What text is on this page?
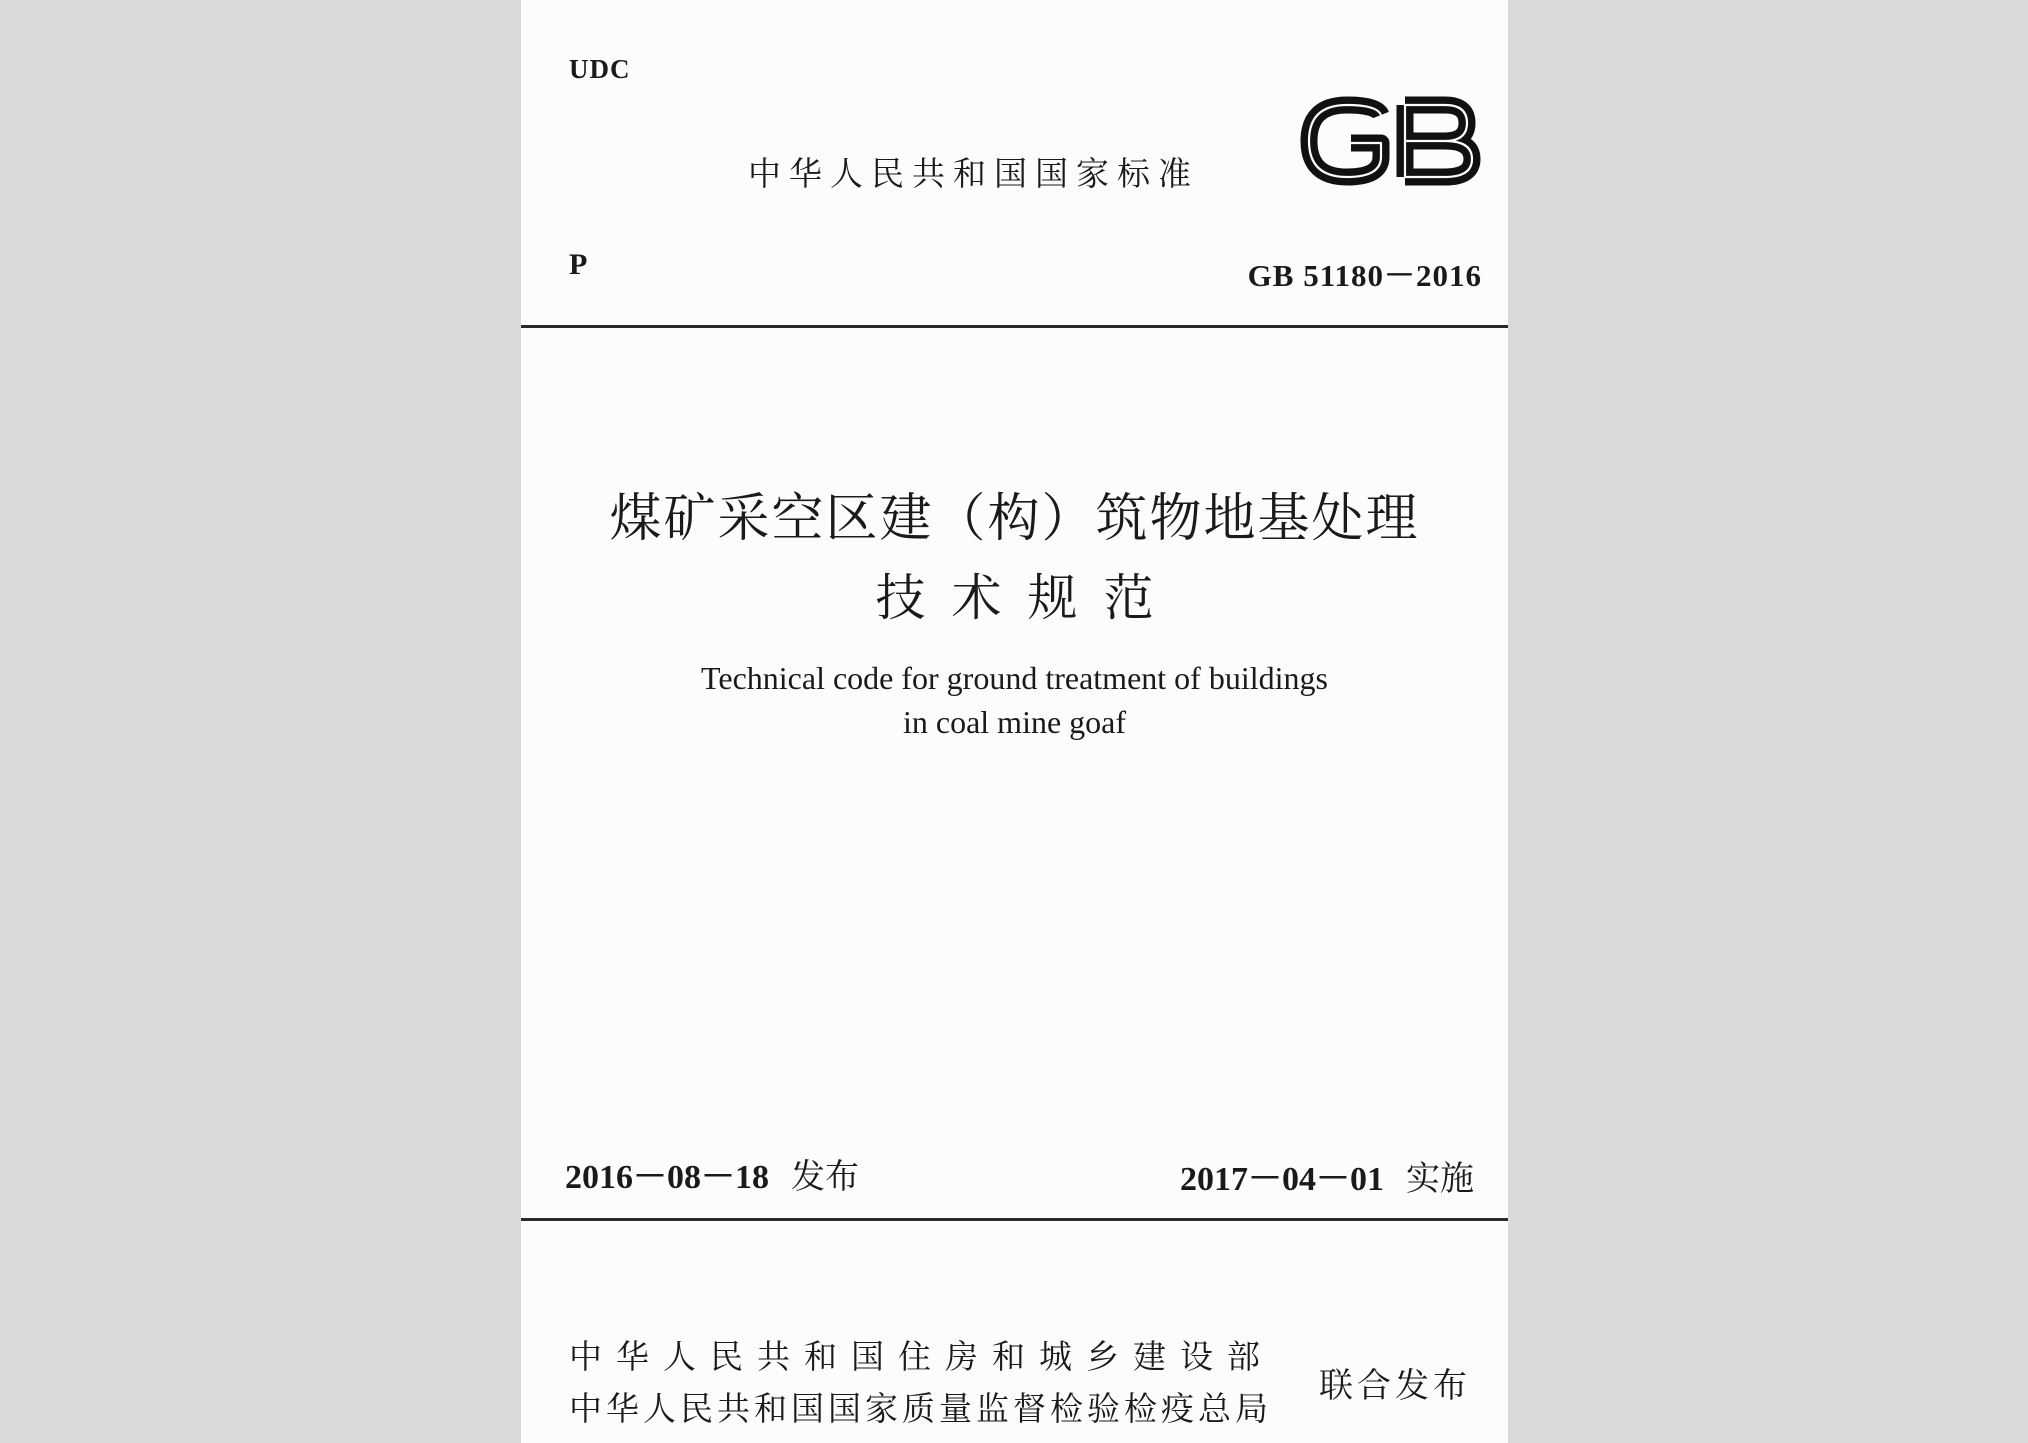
UDC
中华人民共和国国家标准
P	GB 51180－2016
煤矿采空区建（构）筑物地基处理
技术规范
Technical code for ground treatment of buildings
in coal mine goaf
2016－08－18 发布	2017－04－01 实施
中华人民共和国住房和城乡建设部
中华人民共和国国家质量监督检验检疫总局
联合发布
